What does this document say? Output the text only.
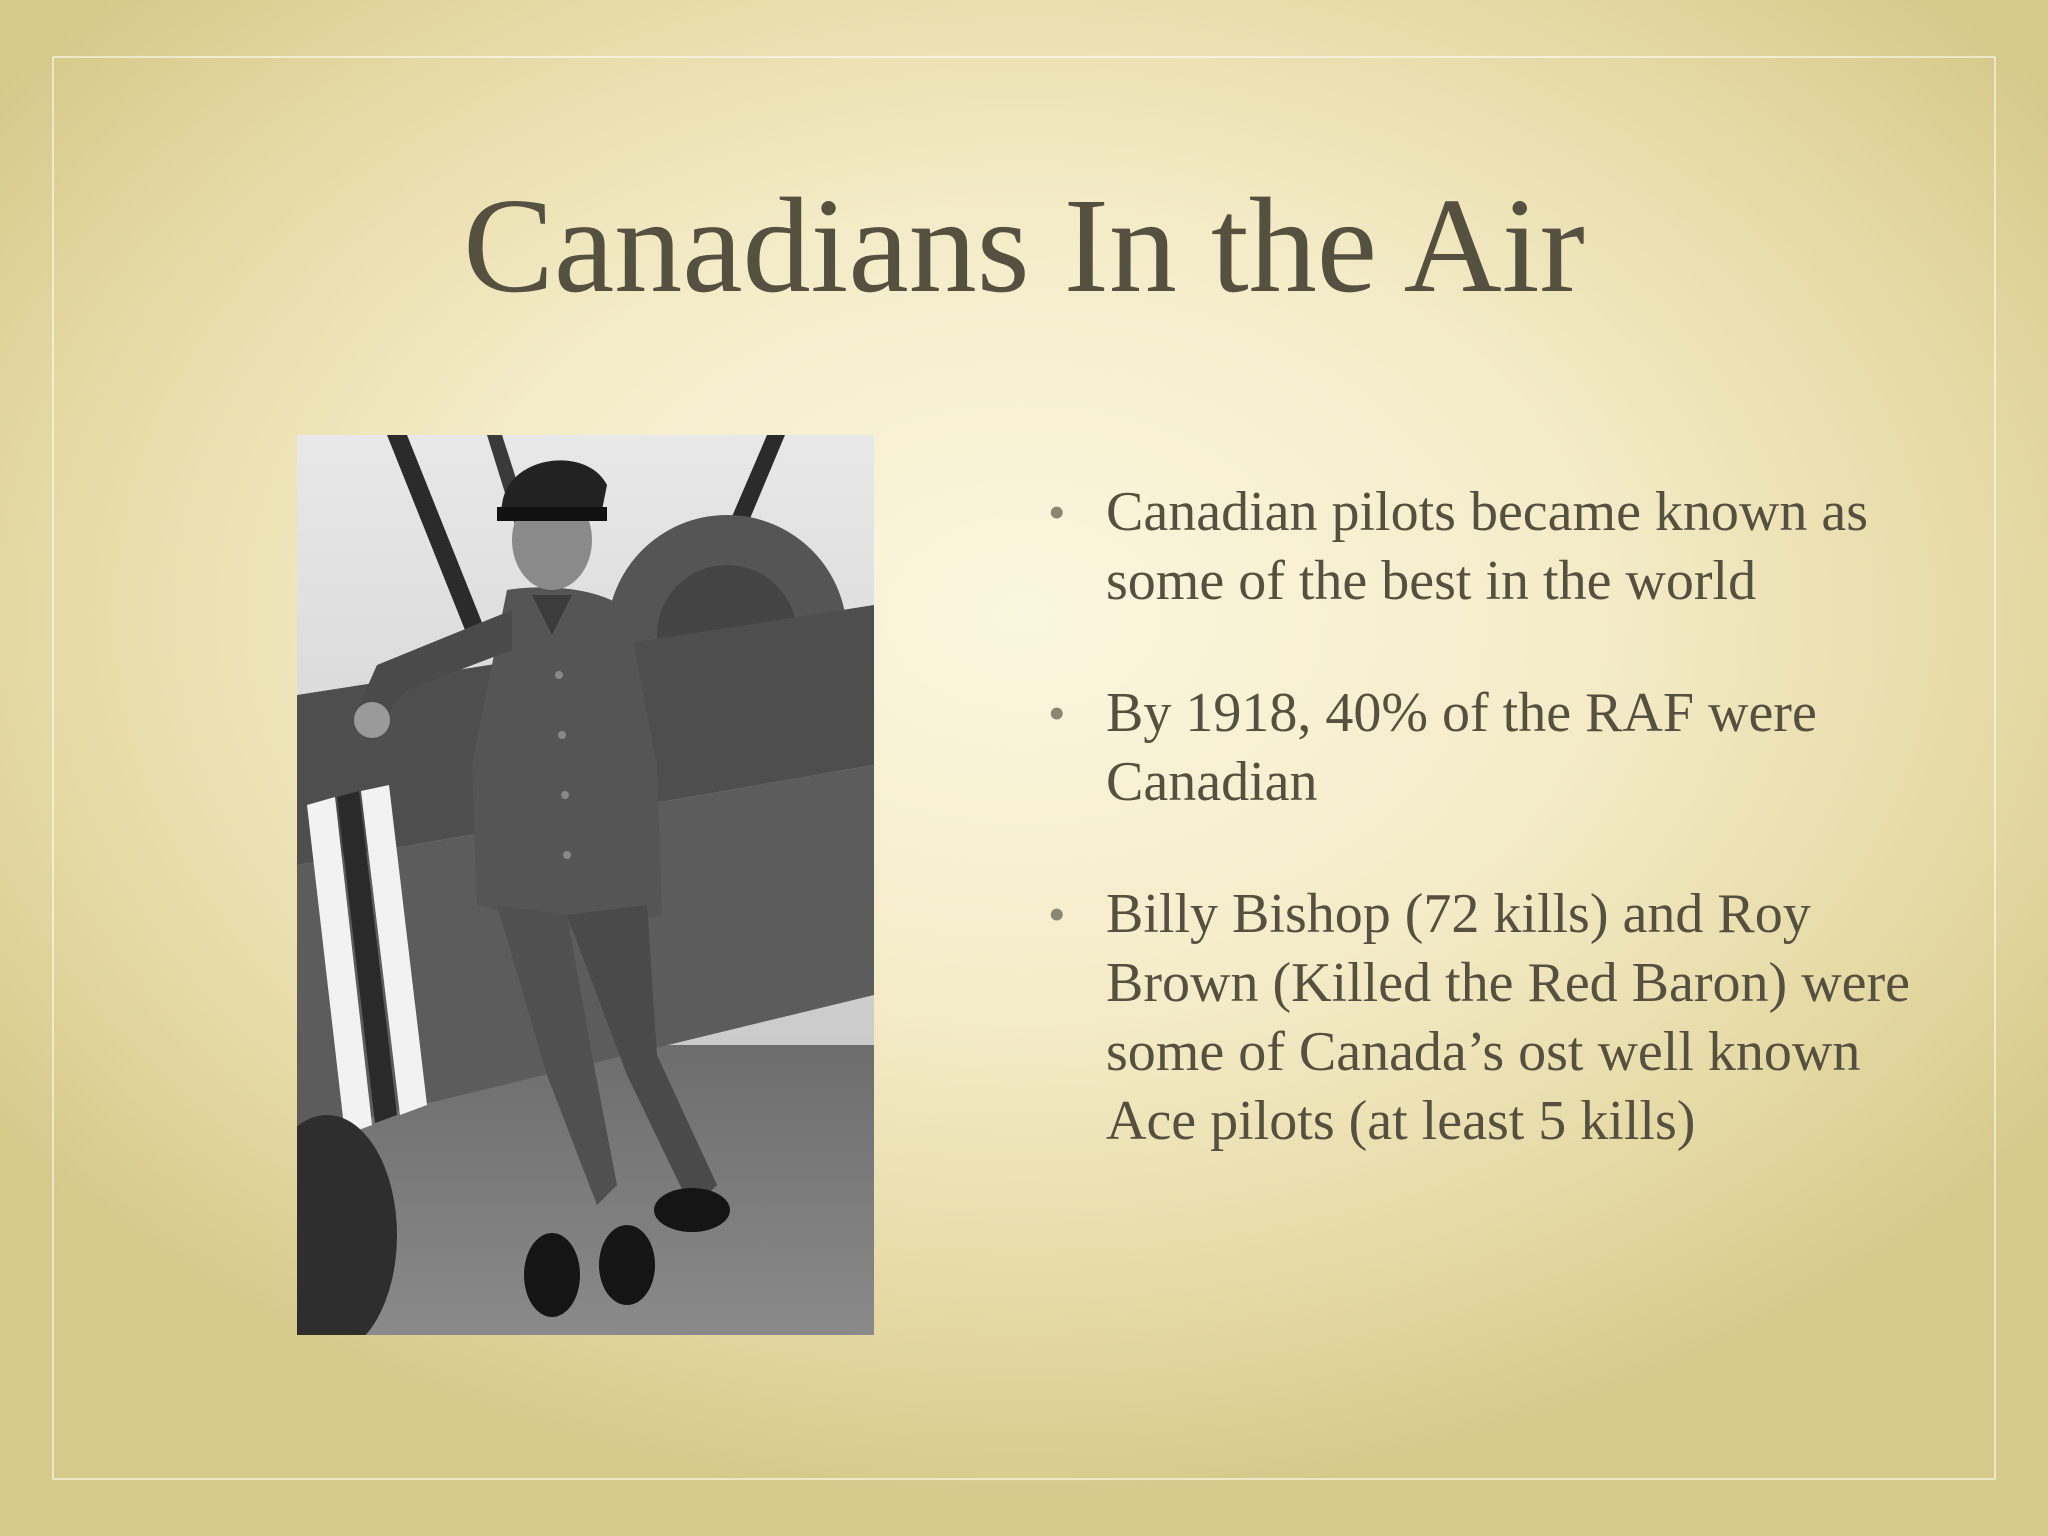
Canadians In the Air
• Canadian pilots became known as some of the best in the world
• By 1918, 40% of the RAF were Canadian
• Billy Bishop (72 kills) and Roy Brown (Killed the Red Baron) were some of Canada’s ost well known Ace pilots (at least 5 kills)
